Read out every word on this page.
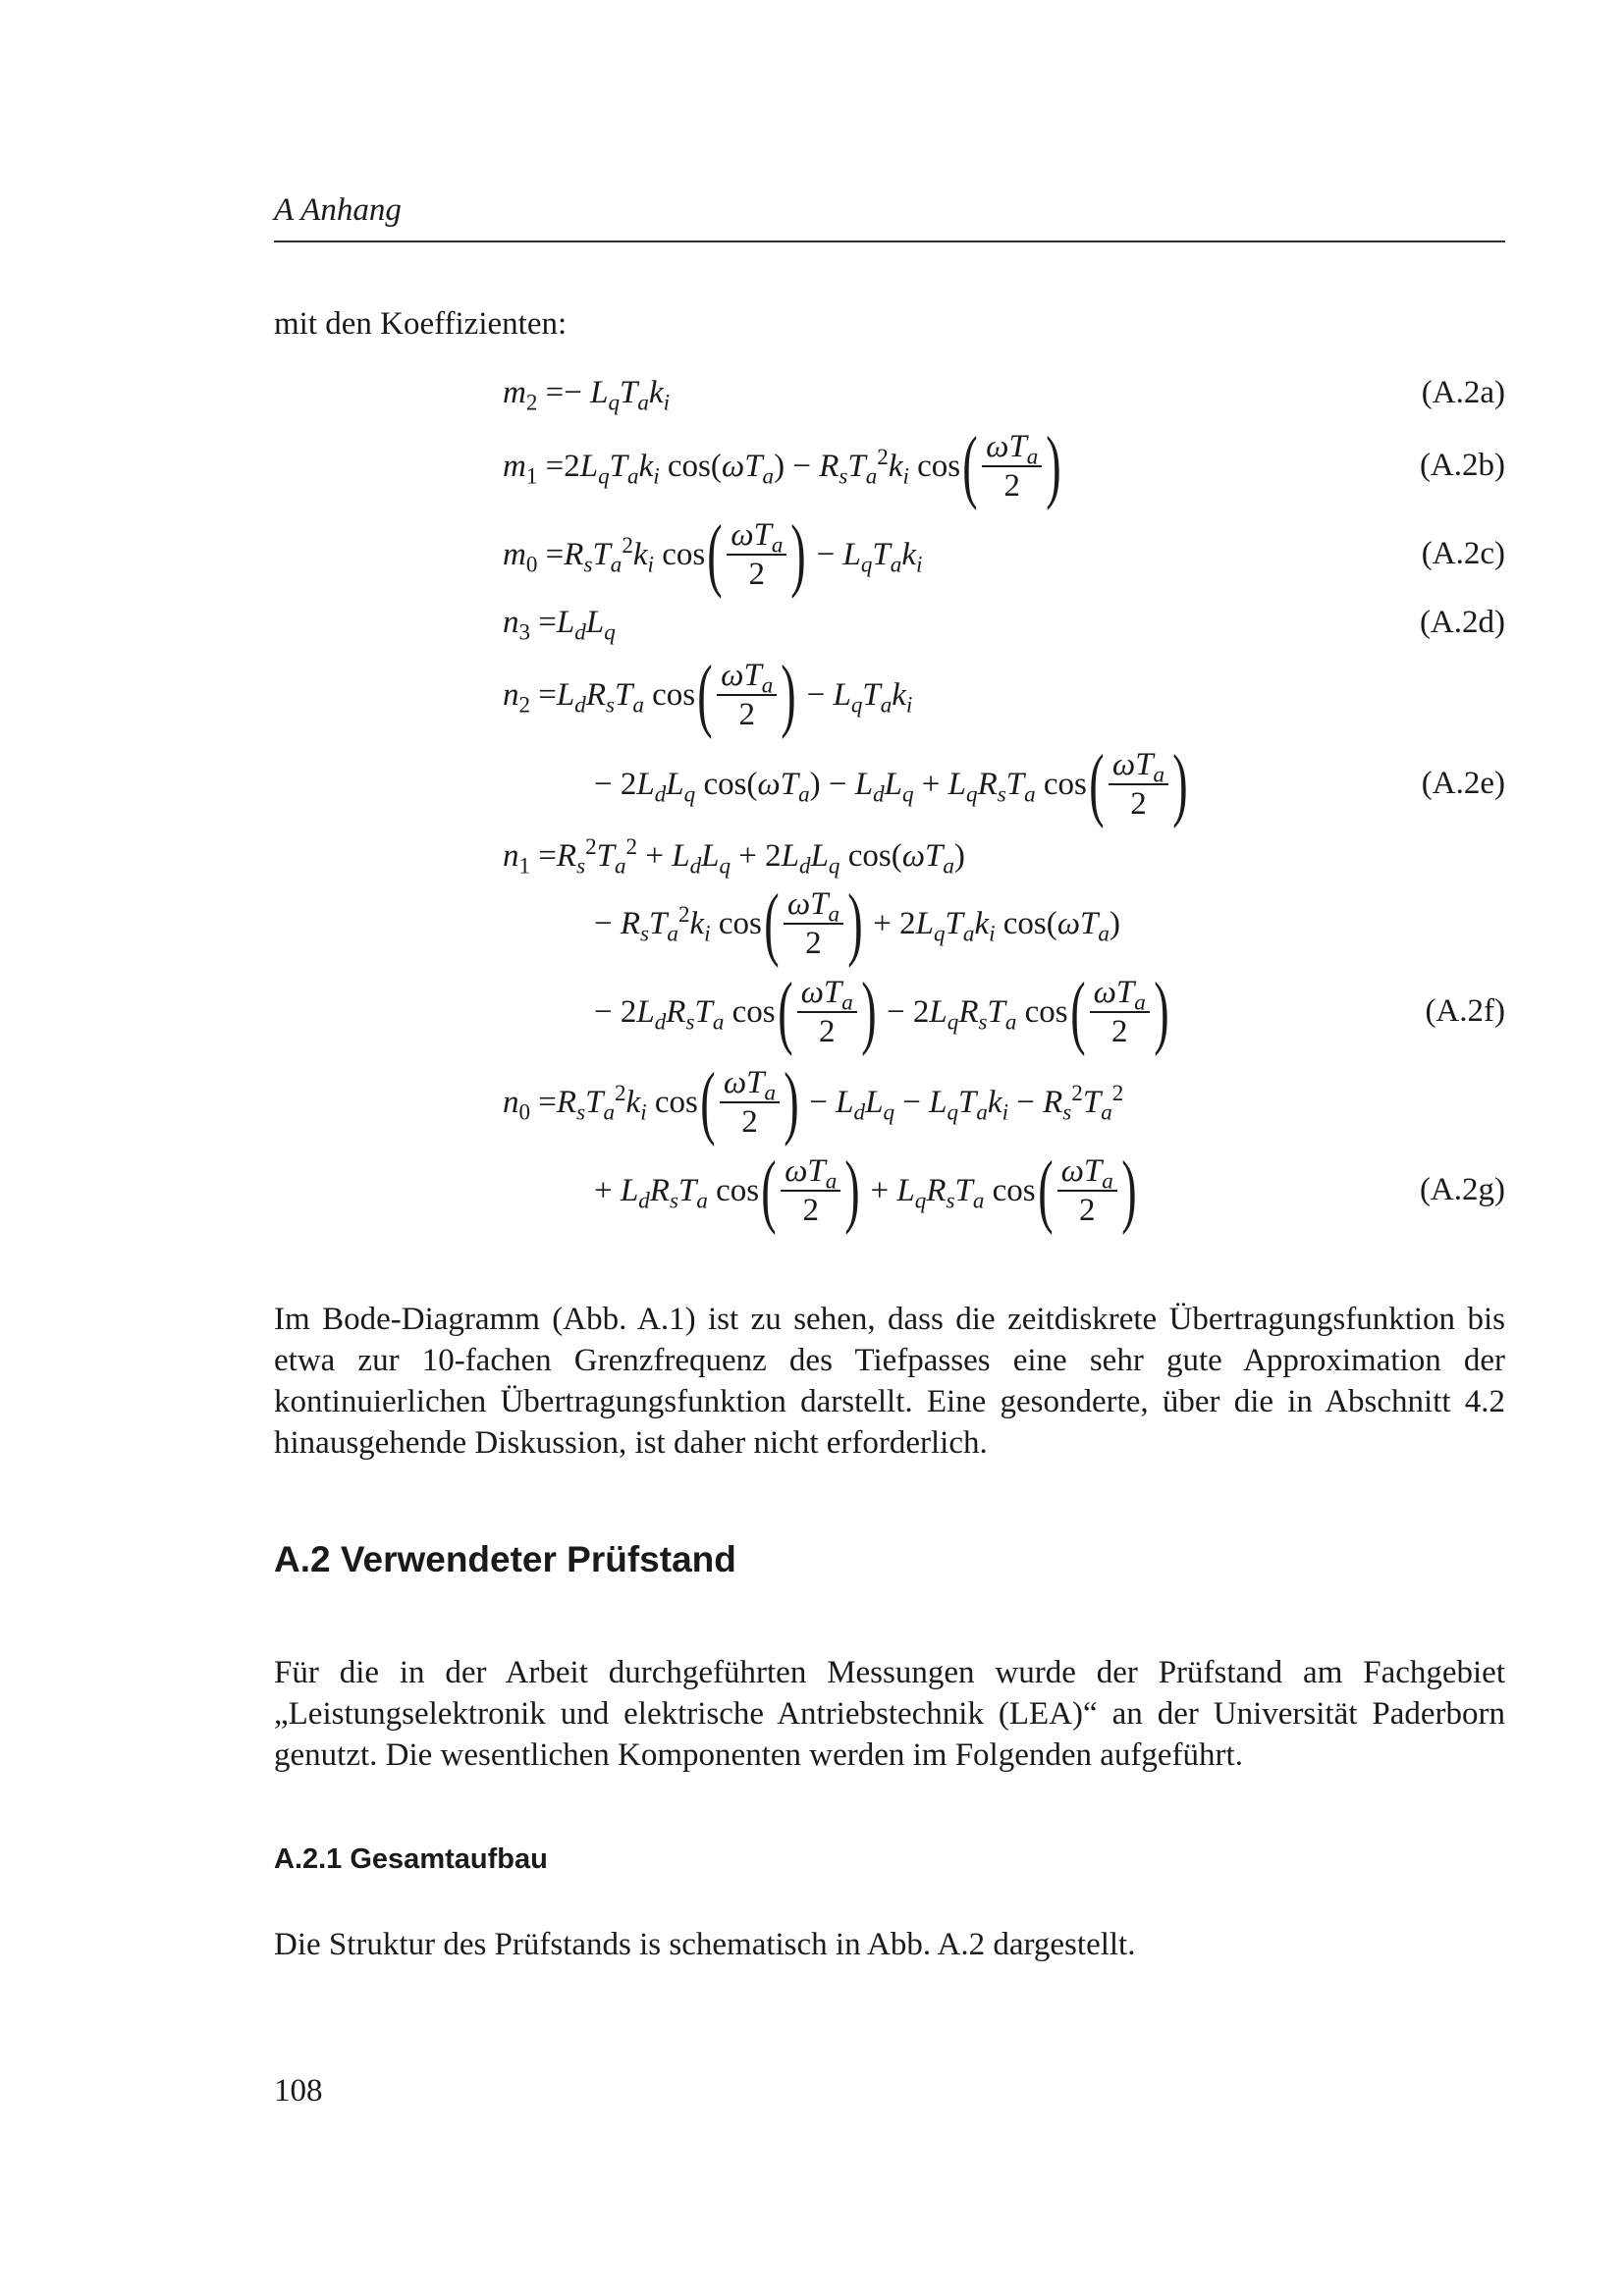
A Anhang
mit den Koeffizienten:
$m_2 =- L_qT_ak_i$	(A.2a)
$m_1 =2L_qT_ak_i$ $\cos(\omega T_a) - R_sT_a^2k_i$ cos ( $\frac{\omega T_a}{2}$ )	(A.2b)
$m_0 =R_sT_a^2k_i$ cos ( $\frac{\omega T_a}{2}$ ) − $L_qT_ak_i$	(A.2c)
$n_3 =L_dL_q$	(A.2d)
$n_2 =L_dR_sT_a$ cos ( $\frac{\omega T_a}{2}$ ) − $L_qT_ak_i$
− $2L_dL_q$ $\cos(\omega T_a) - L_dL_q + L_qR_sT_a$ cos ( $\frac{\omega T_a}{2}$ )	(A.2e)
$n_1 =R_s^2T_a^2 + L_dL_q + 2L_dL_q$ $\cos(\omega T_a)$
− $R_sT_a^2k_i$ cos ( $\frac{\omega T_a}{2}$ ) + $2L_qT_ak_i$ $\cos(\omega T_a)$
− $2L_dR_sT_a$ cos ( $\frac{\omega T_a}{2}$ ) − $2L_qR_sT_a$ cos ( $\frac{\omega T_a}{2}$ )	(A.2f)
$n_0 =R_sT_a^2k_i$ cos ( $\frac{\omega T_a}{2}$ ) − $L_dL_q - L_qT_ak_i - R_s^2T_a^2$
+ $L_dR_sT_a$ cos ( $\frac{\omega T_a}{2}$ ) + $L_qR_sT_a$ cos ( $\frac{\omega T_a}{2}$ )	(A.2g)
Im Bode-Diagramm (Abb. A.1) ist zu sehen, dass die zeitdiskrete Übertragungsfunktion bis etwa zur 10-fachen Grenzfrequenz des Tiefpasses eine sehr gute Approximation der kontinuierlichen Übertragungsfunktion darstellt. Eine gesonderte, über die in Abschnitt 4.2 hinausgehende Diskussion, ist daher nicht erforderlich.
A.2 Verwendeter Prüfstand
Für die in der Arbeit durchgeführten Messungen wurde der Prüfstand am Fachgebiet „Leistungselektronik und elektrische Antriebstechnik (LEA)“ an der Universität Paderborn genutzt. Die wesentlichen Komponenten werden im Folgenden aufgeführt.
A.2.1 Gesamtaufbau
Die Struktur des Prüfstands is schematisch in Abb. A.2 dargestellt.
108
